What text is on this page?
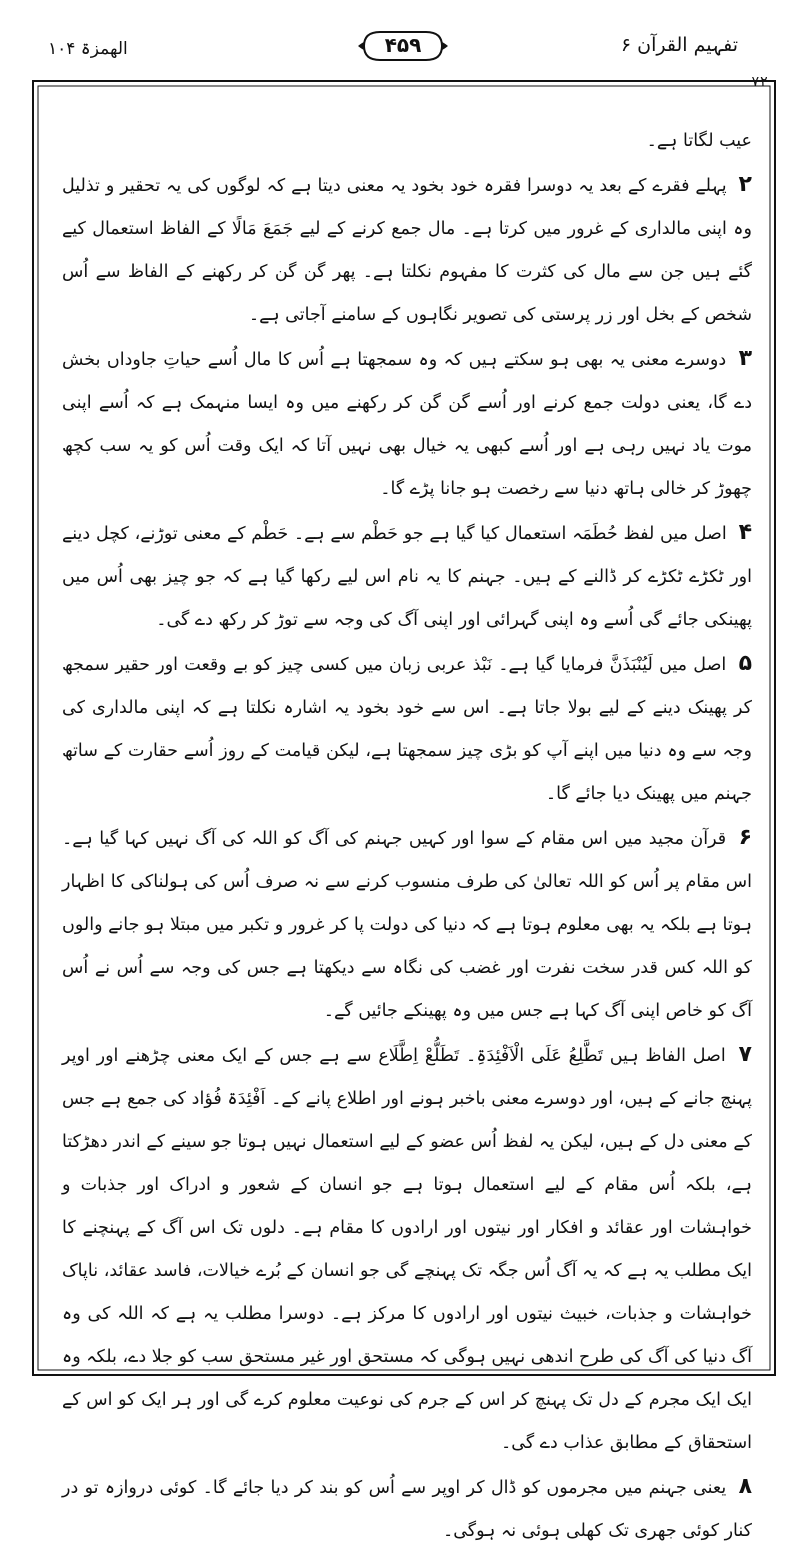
الھمزۃ ۱۰۴	۴۵۹	تفہیم القرآن ۶
۷۲

عیب لگاتا ہے۔

۲ پہلے فقرے کے بعد یہ دوسرا فقرہ خود بخود یہ معنی دیتا ہے کہ لوگوں کی یہ تحقیر و تذلیل وہ اپنی مالداری کے غرور میں کرتا ہے۔ مال جمع کرنے کے لیے جَمَعَ مَالًا کے الفاظ استعمال کیے گئے ہیں جن سے مال کی کثرت کا مفہوم نکلتا ہے۔ پھر گن گن کر رکھنے کے الفاظ سے اُس شخص کے بخل اور زر پرستی کی تصویر نگاہوں کے سامنے آجاتی ہے۔

۳ دوسرے معنی یہ بھی ہو سکتے ہیں کہ وہ سمجھتا ہے اُس کا مال اُسے حیاتِ جاوداں بخش دے گا، یعنی دولت جمع کرنے اور اُسے گن گن کر رکھنے میں وہ ایسا منہمک ہے کہ اُسے اپنی موت یاد نہیں رہی ہے اور اُسے کبھی یہ خیال بھی نہیں آتا کہ ایک وقت اُس کو یہ سب کچھ چھوڑ کر خالی ہاتھ دنیا سے رخصت ہو جانا پڑے گا۔

۴ اصل میں لفظ حُطَمَہ استعمال کیا گیا ہے جو حَطْم سے ہے۔ حَطْم کے معنی توڑنے، کچل دینے اور ٹکڑے ٹکڑے کر ڈالنے کے ہیں۔ جہنم کا یہ نام اس لیے رکھا گیا ہے کہ جو چیز بھی اُس میں پھینکی جائے گی اُسے وہ اپنی گہرائی اور اپنی آگ کی وجہ سے توڑ کر رکھ دے گی۔

۵ اصل میں لَیُنْبَذَنَّ فرمایا گیا ہے۔ نَبْذ عربی زبان میں کسی چیز کو بے وقعت اور حقیر سمجھ کر پھینک دینے کے لیے بولا جاتا ہے۔ اس سے خود بخود یہ اشارہ نکلتا ہے کہ اپنی مالداری کی وجہ سے وہ دنیا میں اپنے آپ کو بڑی چیز سمجھتا ہے، لیکن قیامت کے روز اُسے حقارت کے ساتھ جہنم میں پھینک دیا جائے گا۔

۶ قرآن مجید میں اس مقام کے سوا اور کہیں جہنم کی آگ کو اللہ کی آگ نہیں کہا گیا ہے۔ اس مقام پر اُس کو اللہ تعالیٰ کی طرف منسوب کرنے سے نہ صرف اُس کی ہولناکی کا اظہار ہوتا ہے بلکہ یہ بھی معلوم ہوتا ہے کہ دنیا کی دولت پا کر غرور و تکبر میں مبتلا ہو جانے والوں کو اللہ کس قدر سخت نفرت اور غضب کی نگاہ سے دیکھتا ہے جس کی وجہ سے اُس نے اُس آگ کو خاص اپنی آگ کہا ہے جس میں وہ پھینکے جائیں گے۔

۷ اصل الفاظ ہیں تَطَّلِعُ عَلَی الْاَفْئِدَۃِ۔ تَطَلُّعْ اِطَّلَاع سے ہے جس کے ایک معنی چڑھنے اور اوپر پہنچ جانے کے ہیں، اور دوسرے معنی باخبر ہونے اور اطلاع پانے کے۔ اَفْئِدَۃ فُؤاد کی جمع ہے جس کے معنی دل کے ہیں، لیکن یہ لفظ اُس عضو کے لیے استعمال نہیں ہوتا جو سینے کے اندر دھڑکتا ہے، بلکہ اُس مقام کے لیے استعمال ہوتا ہے جو انسان کے شعور و ادراک اور جذبات و خواہشات اور عقائد و افکار اور نیتوں اور ارادوں کا مقام ہے۔ دلوں تک اس آگ کے پہنچنے کا ایک مطلب یہ ہے کہ یہ آگ اُس جگہ تک پہنچے گی جو انسان کے بُرے خیالات، فاسد عقائد، ناپاک خواہشات و جذبات، خبیث نیتوں اور ارادوں کا مرکز ہے۔ دوسرا مطلب یہ ہے کہ اللہ کی وہ آگ دنیا کی آگ کی طرح اندھی نہیں ہوگی کہ مستحق اور غیر مستحق سب کو جلا دے، بلکہ وہ ایک ایک مجرم کے دل تک پہنچ کر اس کے جرم کی نوعیت معلوم کرے گی اور ہر ایک کو اس کے استحقاق کے مطابق عذاب دے گی۔

۸ یعنی جہنم میں مجرموں کو ڈال کر اوپر سے اُس کو بند کر دیا جائے گا۔ کوئی دروازہ تو در کنار کوئی جھری تک کھلی ہوئی نہ ہوگی۔
